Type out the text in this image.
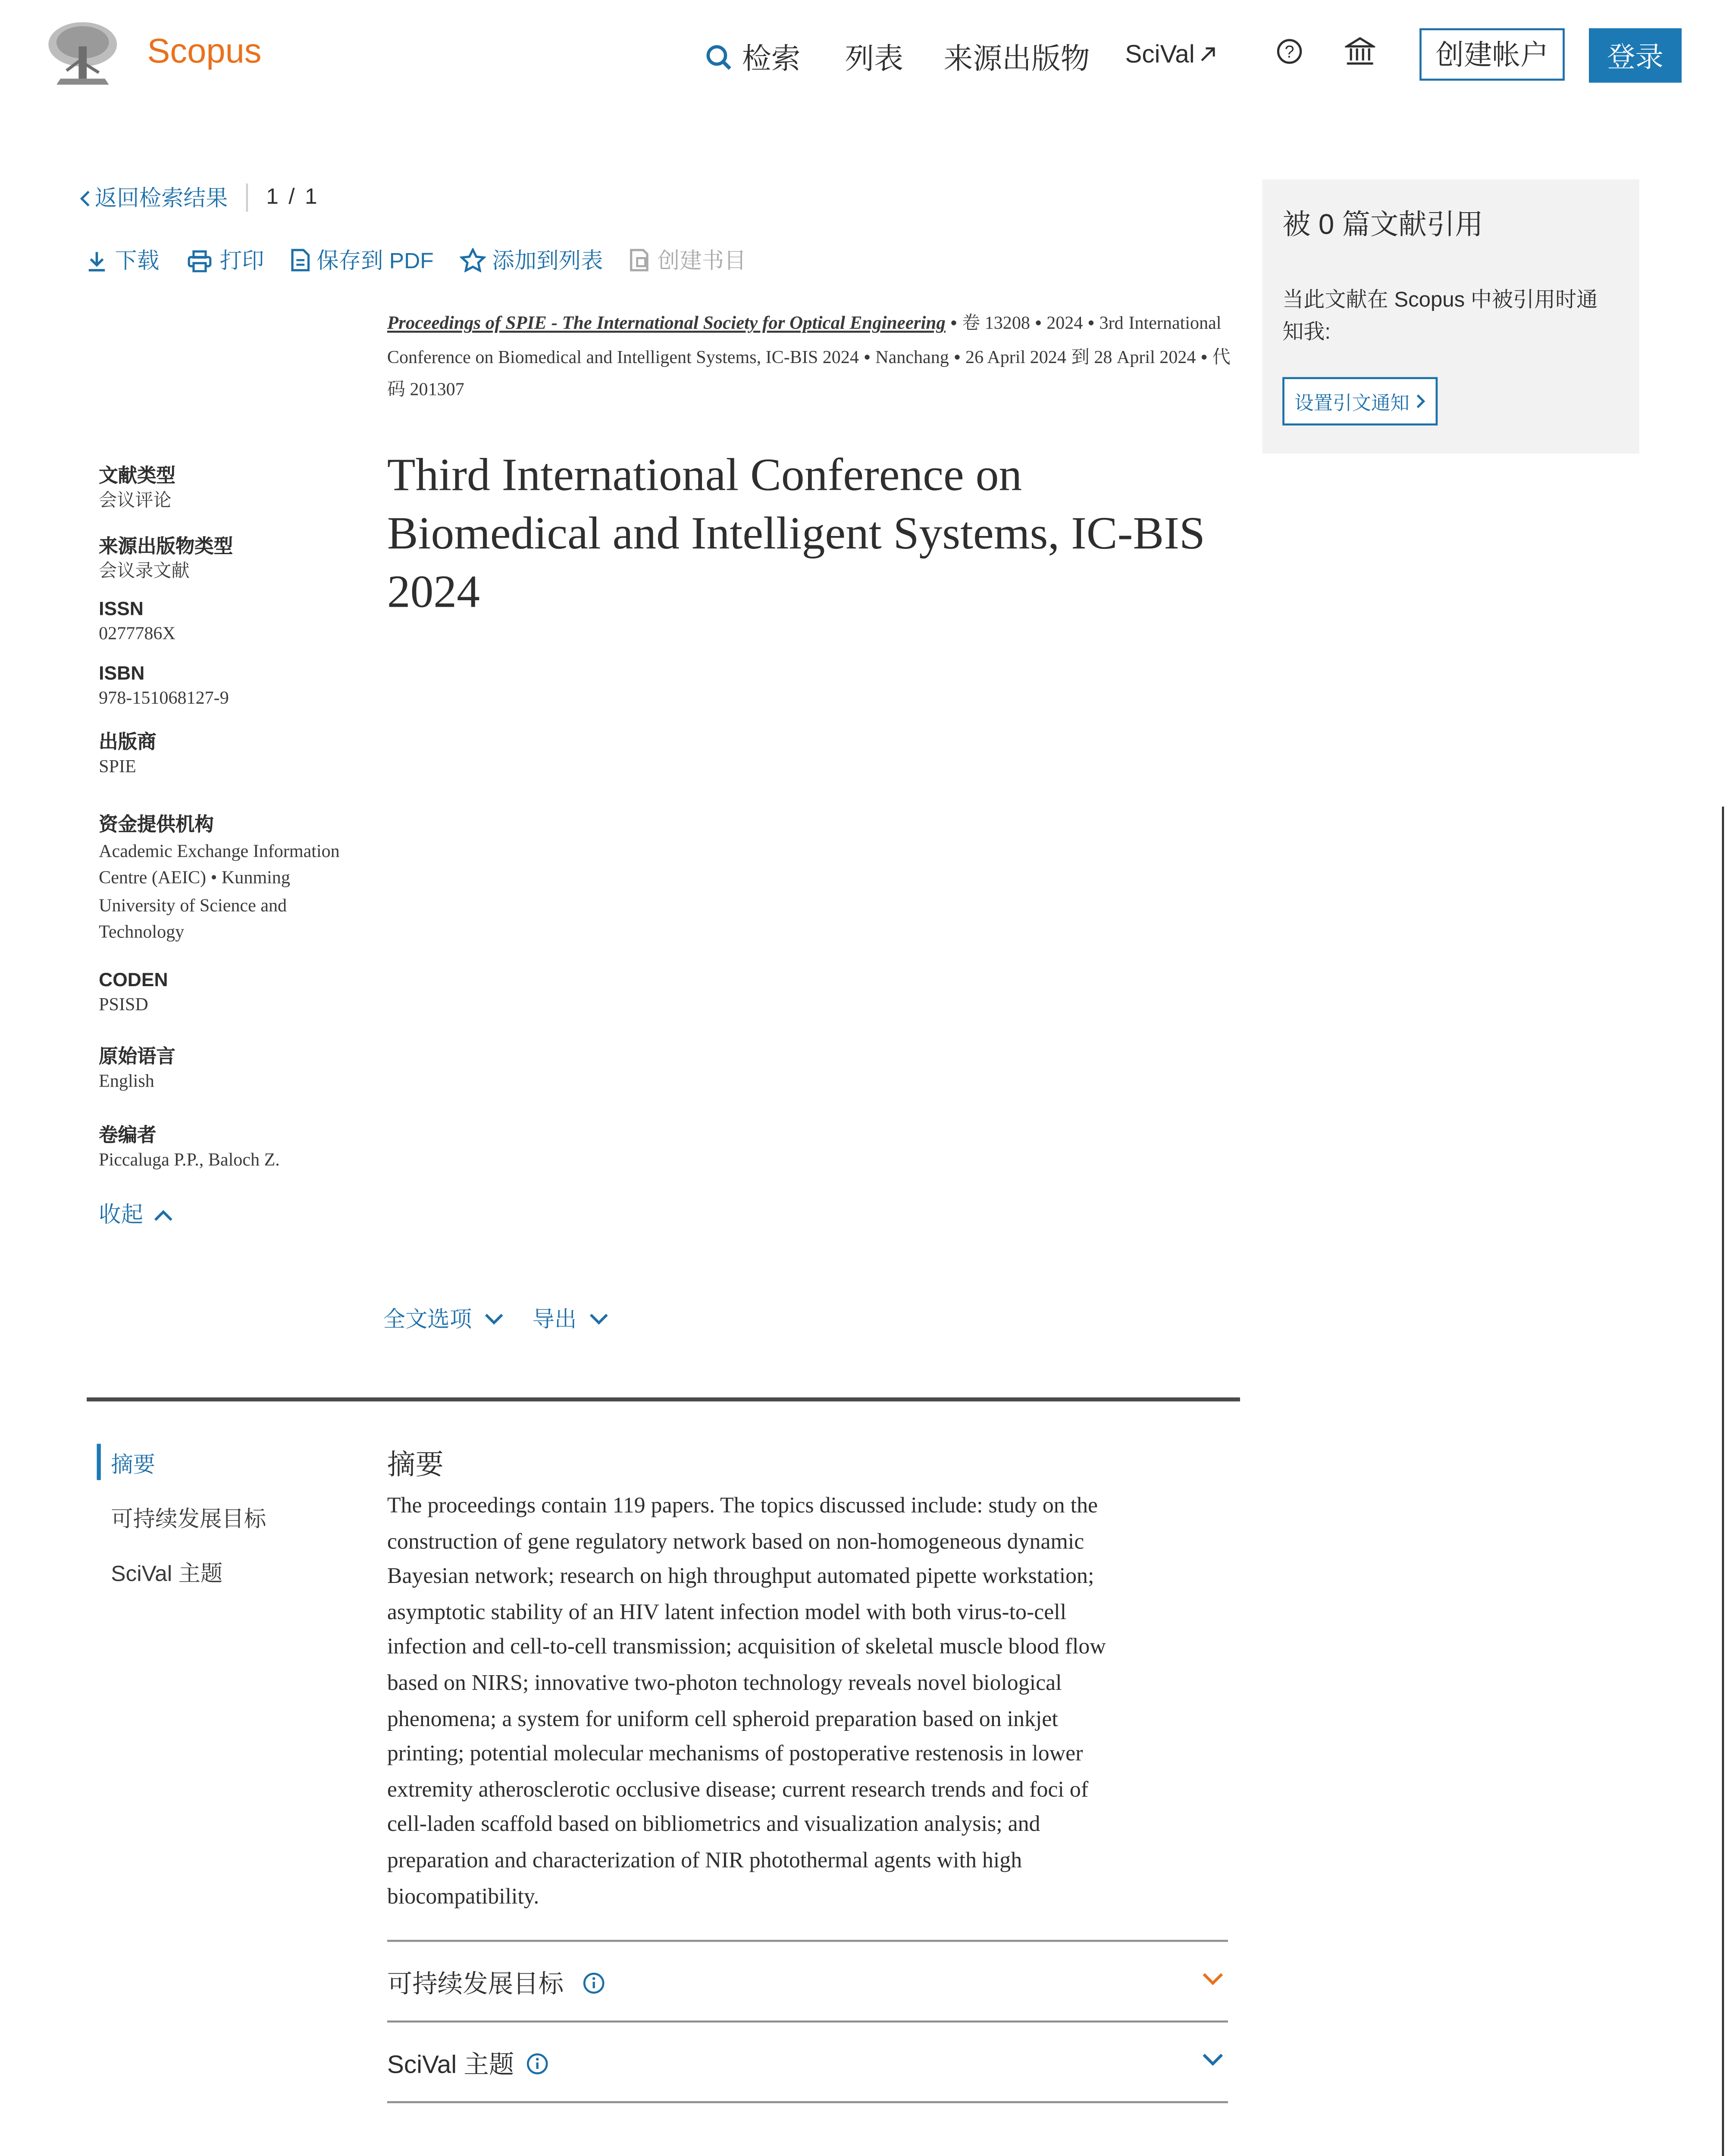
Scopus	检索	列表	来源出版物	SciVal	?	创建帐户	登录
返回检索结果	1 / 1
下载	打印	保存到 PDF	添加到列表	创建书目
Proceedings of SPIE - The International Society for Optical Engineering • 卷 13208 • 2024 • 3rd International Conference on Biomedical and Intelligent Systems, IC-BIS 2024 • Nanchang • 26 April 2024 到 28 April 2024 • 代码 201307
Third International Conference on Biomedical and Intelligent Systems, IC-BIS 2024
文献类型
会议评论
来源出版物类型
会议录文献
ISSN
0277786X
ISBN
978-151068127-9
出版商
SPIE
资金提供机构
Academic Exchange Information
Centre (AEIC) • Kunming
University of Science and
Technology
CODEN
PSISD
原始语言
English
卷编者
Piccaluga P.P., Baloch Z.
收起
被 0 篇文献引用
当此文献在 Scopus 中被引用时通
知我:
设置引文通知
全文选项	导出
摘要
可持续发展目标
SciVal 主题
摘要
The proceedings contain 119 papers. The topics discussed include: study on the
construction of gene regulatory network based on non-homogeneous dynamic
Bayesian network; research on high throughput automated pipette workstation;
asymptotic stability of an HIV latent infection model with both virus-to-cell
infection and cell-to-cell transmission; acquisition of skeletal muscle blood flow
based on NIRS; innovative two-photon technology reveals novel biological
phenomena; a system for uniform cell spheroid preparation based on inkjet
printing; potential molecular mechanisms of postoperative restenosis in lower
extremity atherosclerotic occlusive disease; current research trends and foci of
cell-laden scaffold based on bibliometrics and visualization analysis; and
preparation and characterization of NIR photothermal agents with high
biocompatibility.
可持续发展目标
SciVal 主题
